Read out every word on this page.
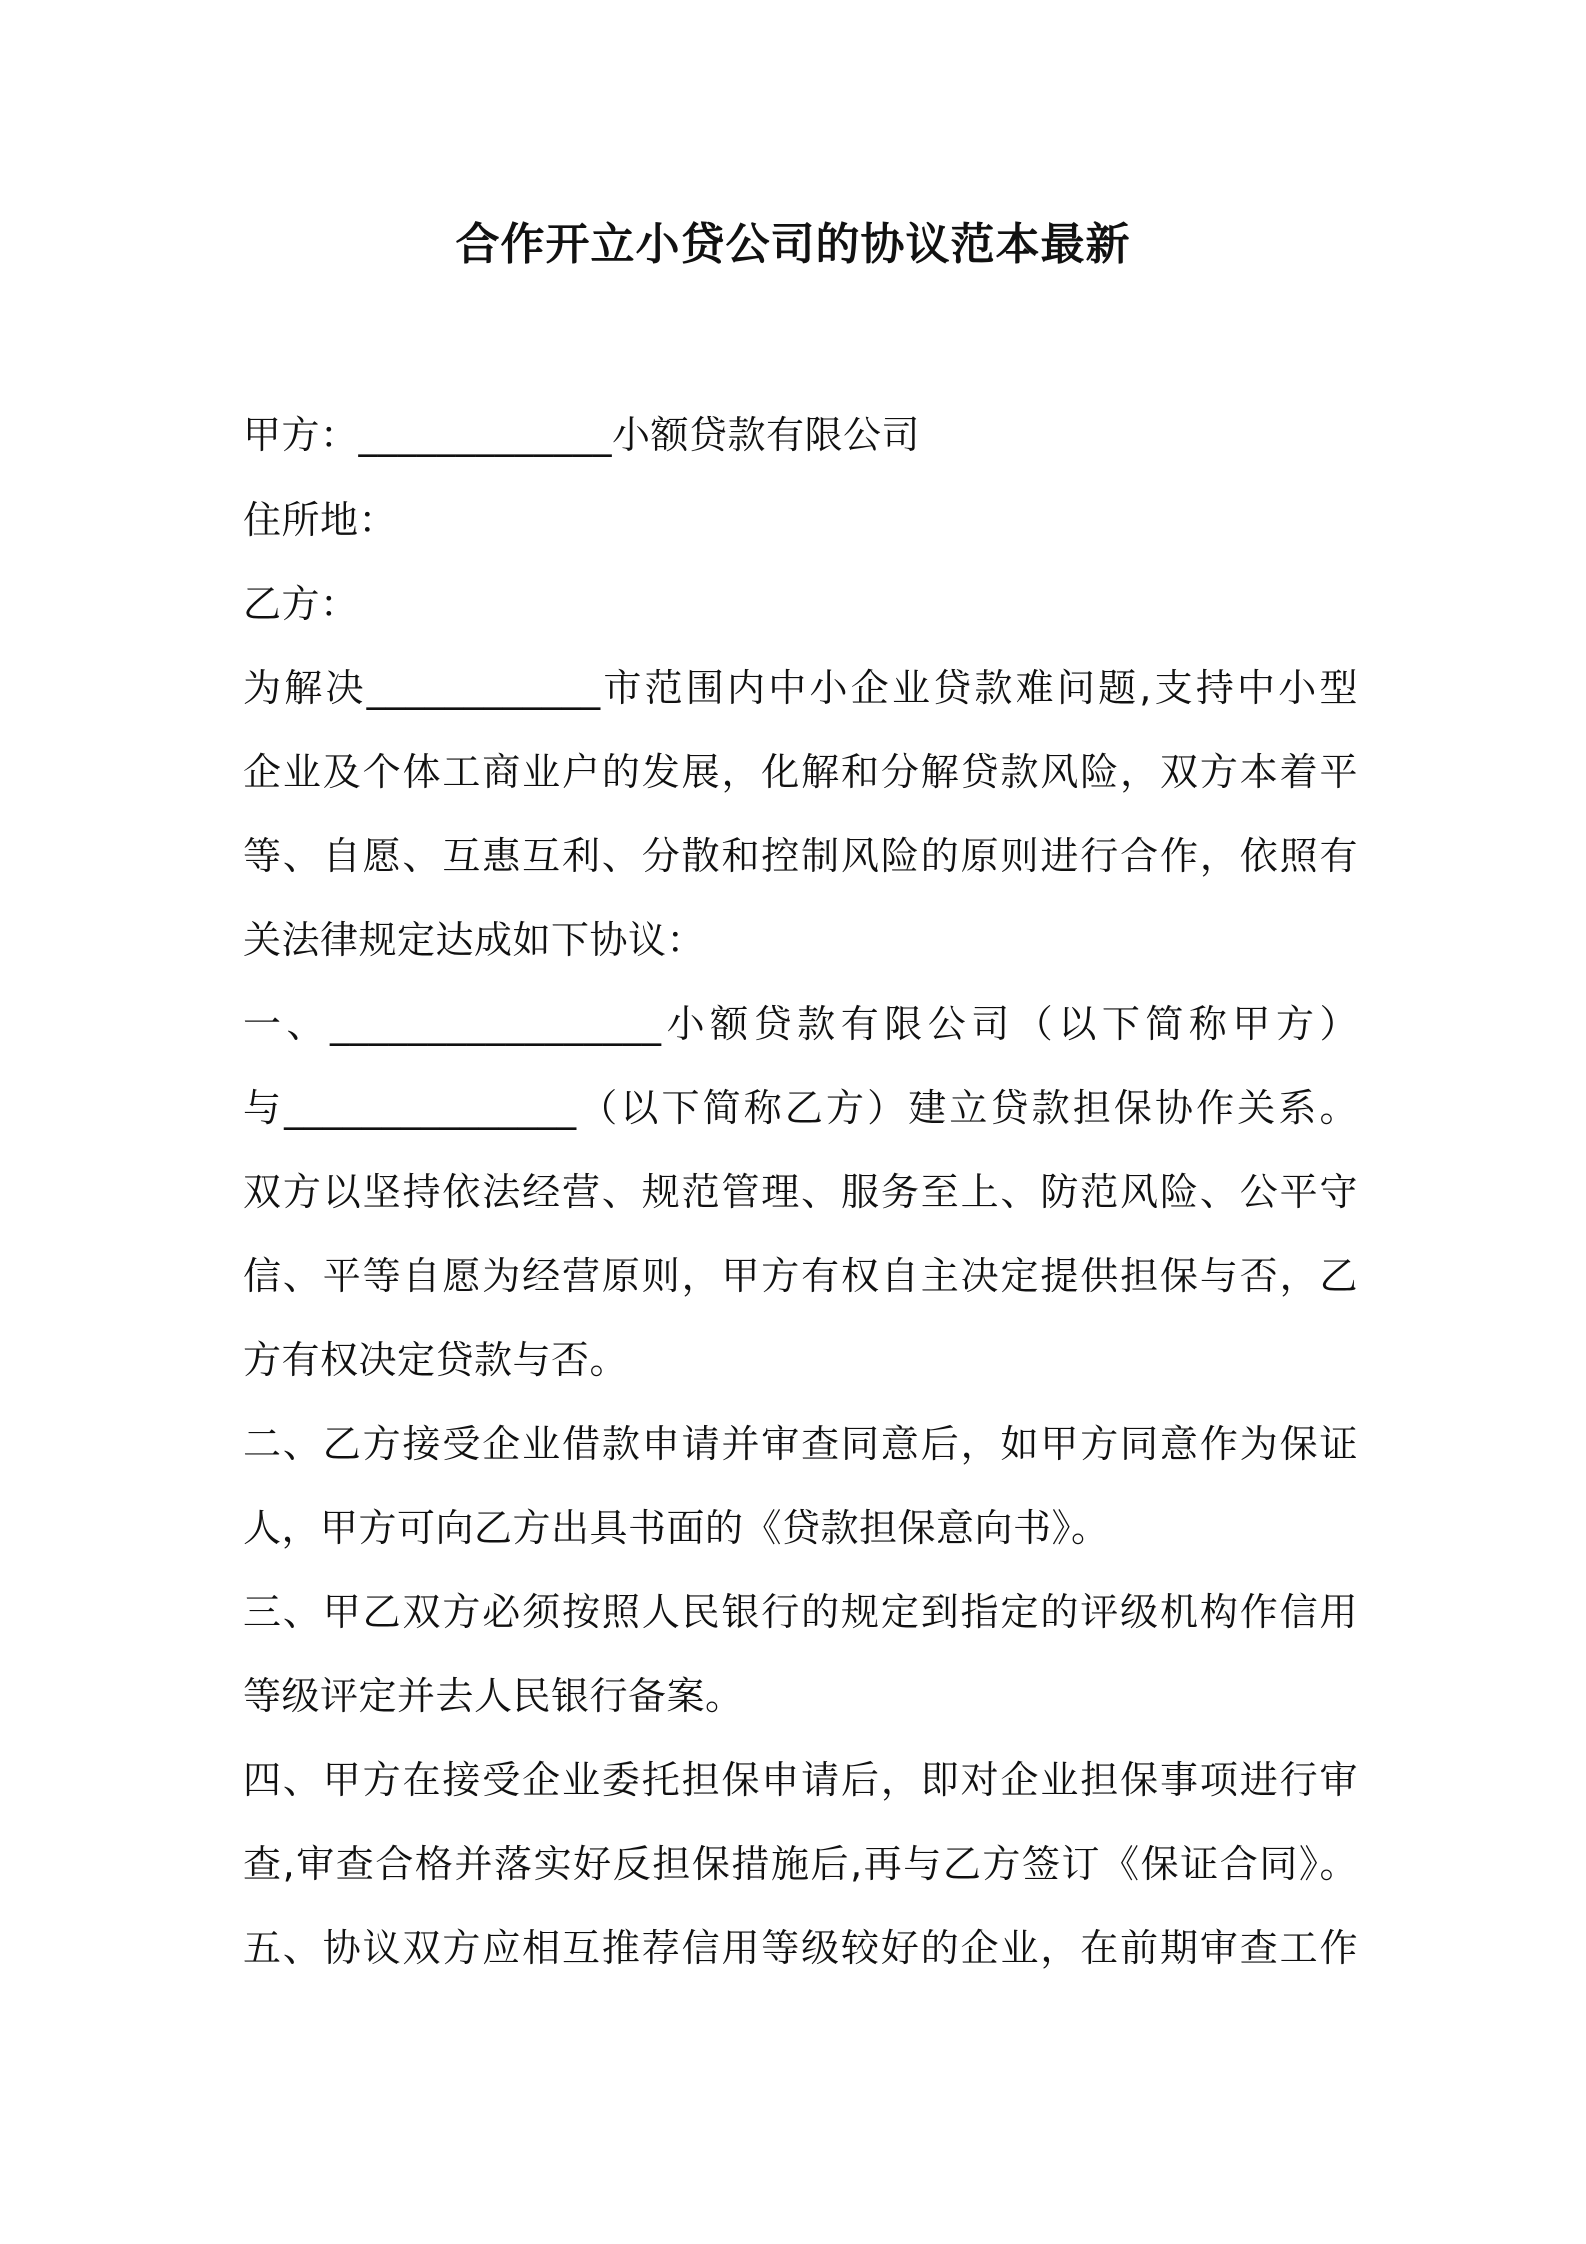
合作开立小贷公司的协议范本最新
甲方：_____________小额贷款有限公司
住所地：
乙方：
为解决____________市范围内中小企业贷款难问题,支持中小型
企业及个体工商业户的发展，化解和分解贷款风险，双方本着平
等、自愿、互惠互利、分散和控制风险的原则进行合作，依照有
关法律规定达成如下协议：
一、_________________小额贷款有限公司（以下简称甲方）
与_______________（以下简称乙方）建立贷款担保协作关系。
双方以坚持依法经营、规范管理、服务至上、防范风险、公平守
信、平等自愿为经营原则，甲方有权自主决定提供担保与否，乙
方有权决定贷款与否。
二、乙方接受企业借款申请并审查同意后，如甲方同意作为保证
人，甲方可向乙方出具书面的《贷款担保意向书》。
三、甲乙双方必须按照人民银行的规定到指定的评级机构作信用
等级评定并去人民银行备案。
四、甲方在接受企业委托担保申请后，即对企业担保事项进行审
查,审查合格并落实好反担保措施后,再与乙方签订《保证合同》。
五、协议双方应相互推荐信用等级较好的企业，在前期审查工作
